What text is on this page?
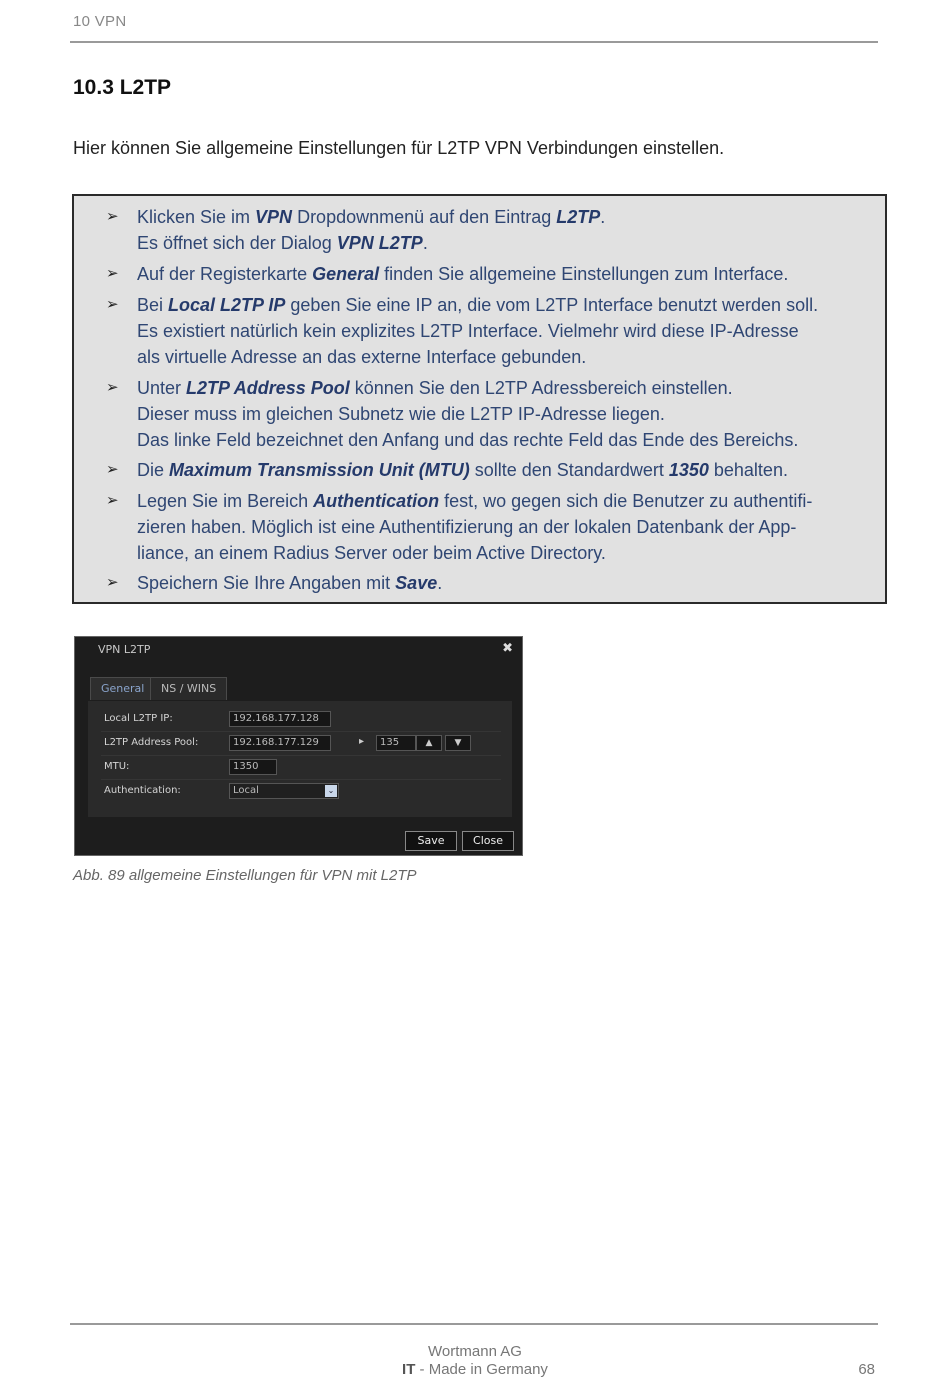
10 VPN
10.3 L2TP
Hier können Sie allgemeine Einstellungen für L2TP VPN Verbindungen einstellen.
➢ Klicken Sie im VPN Dropdownmenü auf den Eintrag L2TP.
Es öffnet sich der Dialog VPN L2TP.
➢ Auf der Registerkarte General finden Sie allgemeine Einstellungen zum Interface.
➢ Bei Local L2TP IP geben Sie eine IP an, die vom L2TP Interface benutzt werden soll.
Es existiert natürlich kein explizites L2TP Interface. Vielmehr wird diese IP-Adresse
als virtuelle Adresse an das externe Interface gebunden.
➢ Unter L2TP Address Pool können Sie den L2TP Adressbereich einstellen.
Dieser muss im gleichen Subnetz wie die L2TP IP-Adresse liegen.
Das linke Feld bezeichnet den Anfang und das rechte Feld das Ende des Bereichs.
➢ Die Maximum Transmission Unit (MTU) sollte den Standardwert 1350 behalten.
➢ Legen Sie im Bereich Authentication fest, wo gegen sich die Benutzer zu authentifi-
zieren haben. Möglich ist eine Authentifizierung an der lokalen Datenbank der App-
liance, an einem Radius Server oder beim Active Directory.
➢ Speichern Sie Ihre Angaben mit Save.
VPN L2TP	✖
General	NS / WINS
Local L2TP IP:	192.168.177.128
L2TP Address Pool:	192.168.177.129	▸	135	▲	▼
MTU:	1350
Authentication:	Local	⌄
Save	Close
Abb. 89 allgemeine Einstellungen für VPN mit L2TP
Wortmann AG
IT - Made in Germany	68
